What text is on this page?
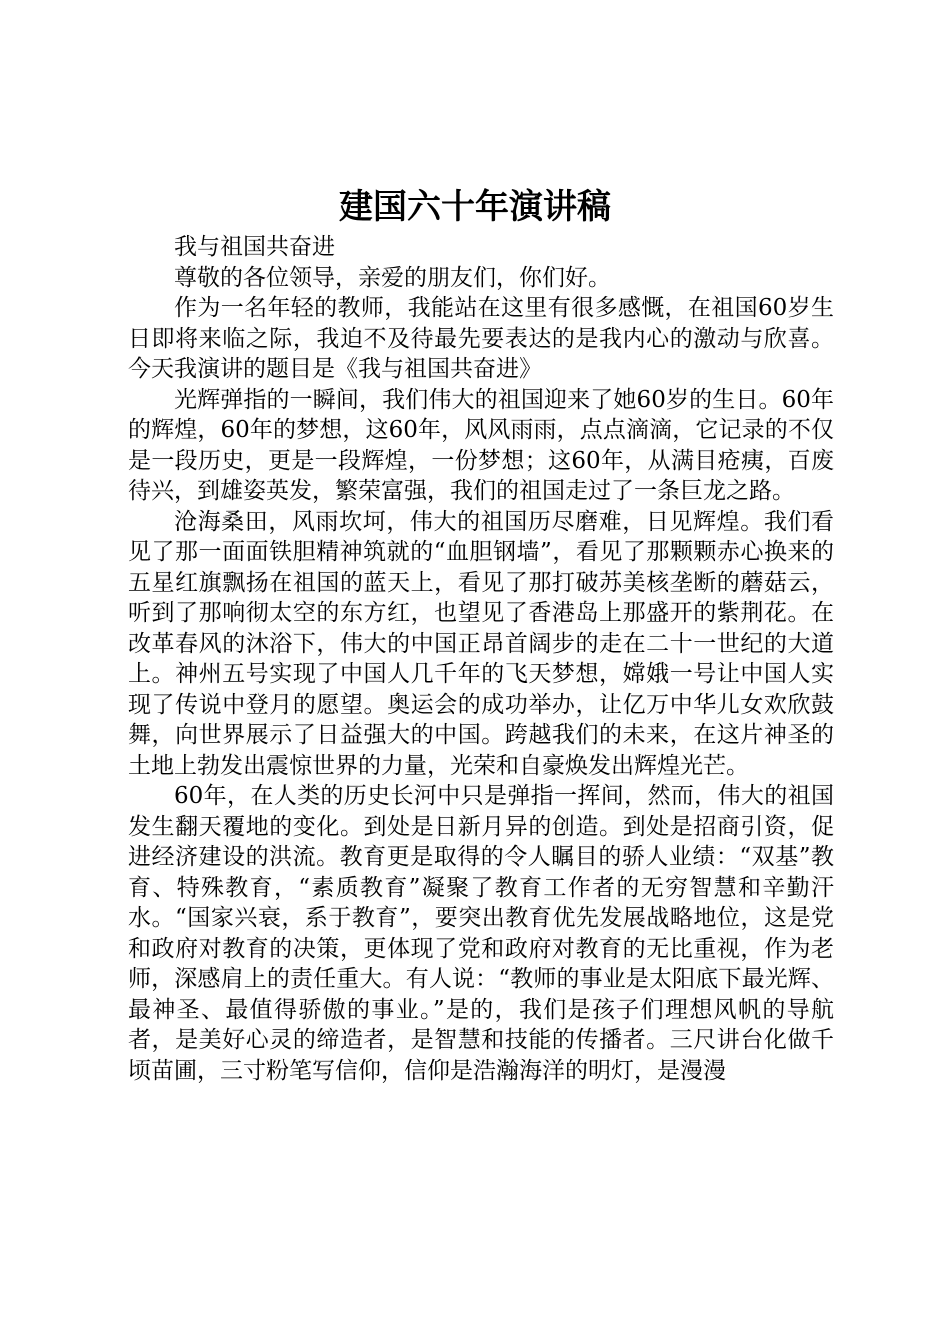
建国六十年演讲稿

我与祖国共奋进

尊敬的各位领导，亲爱的朋友们，你们好。

作为一名年轻的教师，我能站在这里有很多感慨，在祖国60岁生日即将来临之际，我迫不及待最先要表达的是我内心的激动与欣喜。今天我演讲的题目是《我与祖国共奋进》

光辉弹指的一瞬间，我们伟大的祖国迎来了她60岁的生日。60年的辉煌，60年的梦想，这60年，风风雨雨，点点滴滴，它记录的不仅是一段历史，更是一段辉煌，一份梦想；这60年，从满目疮痍，百废待兴，到雄姿英发，繁荣富强，我们的祖国走过了一条巨龙之路。

沧海桑田，风雨坎坷，伟大的祖国历尽磨难，日见辉煌。我们看见了那一面面铁胆精神筑就的“血胆钢墙”，看见了那颗颗赤心换来的五星红旗飘扬在祖国的蓝天上，看见了那打破苏美核垄断的蘑菇云，听到了那响彻太空的东方红，也望见了香港岛上那盛开的紫荆花。在改革春风的沐浴下，伟大的中国正昂首阔步的走在二十一世纪的大道上。神州五号实现了中国人几千年的飞天梦想，嫦娥一号让中国人实现了传说中登月的愿望。奥运会的成功举办，让亿万中华儿女欢欣鼓舞，向世界展示了日益强大的中国。跨越我们的未来，在这片神圣的土地上勃发出震惊世界的力量，光荣和自豪焕发出辉煌光芒。

60年，在人类的历史长河中只是弹指一挥间，然而，伟大的祖国发生翻天覆地的变化。到处是日新月异的创造。到处是招商引资，促进经济建设的洪流。教育更是取得的令人瞩目的骄人业绩：“双基”教育、特殊教育，“素质教育”凝聚了教育工作者的无穷智慧和辛勤汗水。“国家兴衰，系于教育”，要突出教育优先发展战略地位，这是党和政府对教育的决策，更体现了党和政府对教育的无比重视，作为老师，深感肩上的责任重大。有人说：“教师的事业是太阳底下最光辉、最神圣、最值得骄傲的事业。”是的，我们是孩子们理想风帆的导航者，是美好心灵的缔造者，是智慧和技能的传播者。三尺讲台化做千顷苗圃，三寸粉笔写信仰，信仰是浩瀚海洋的明灯，是漫漫
